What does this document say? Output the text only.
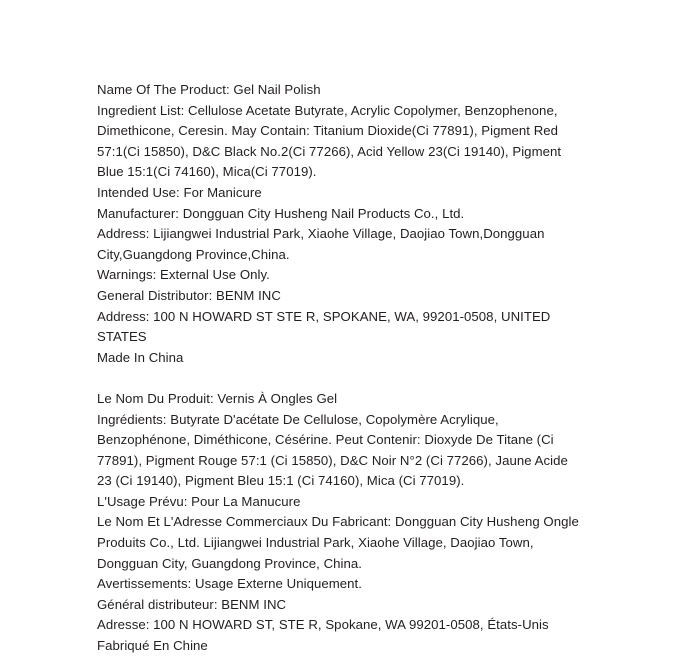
Name Of The Product: Gel Nail Polish

Ingredient List: Cellulose Acetate Butyrate, Acrylic Copolymer, Benzophenone, Dimethicone, Ceresin. May Contain: Titanium Dioxide(Ci 77891), Pigment Red 57:1(Ci 15850), D&C Black No.2(Ci 77266), Acid Yellow 23(Ci 19140), Pigment Blue 15:1(Ci 74160), Mica(Ci 77019).

Intended Use: For Manicure

Manufacturer: Dongguan City Husheng Nail Products Co., Ltd.

Address: Lijiangwei Industrial Park, Xiaohe Village, Daojiao Town,Dongguan City,Guangdong Province,China.

Warnings: External Use Only.

General Distributor: BENM INC

Address: 100 N HOWARD ST STE R, SPOKANE, WA, 99201-0508, UNITED STATES

Made In China

Le Nom Du Produit: Vernis À Ongles Gel

Ingrédients: Butyrate D'acétate De Cellulose, Copolymère Acrylique, Benzophénone, Diméthicone, Césérine. Peut Contenir: Dioxyde De Titane (Ci 77891), Pigment Rouge 57:1 (Ci 15850), D&C Noir N°2 (Ci 77266), Jaune Acide 23 (Ci 19140), Pigment Bleu 15:1 (Ci 74160), Mica (Ci 77019).

L'Usage Prévu: Pour La Manucure

Le Nom Et L'Adresse Commerciaux Du Fabricant: Dongguan City Husheng Ongle Produits Co., Ltd. Lijiangwei Industrial Park, Xiaohe Village, Daojiao Town, Dongguan City, Guangdong Province, China.

Avertissements: Usage Externe Uniquement.

Général distributeur: BENM INC

Adresse: 100 N HOWARD ST, STE R, Spokane, WA 99201-0508, États-Unis

Fabriqué En Chine
